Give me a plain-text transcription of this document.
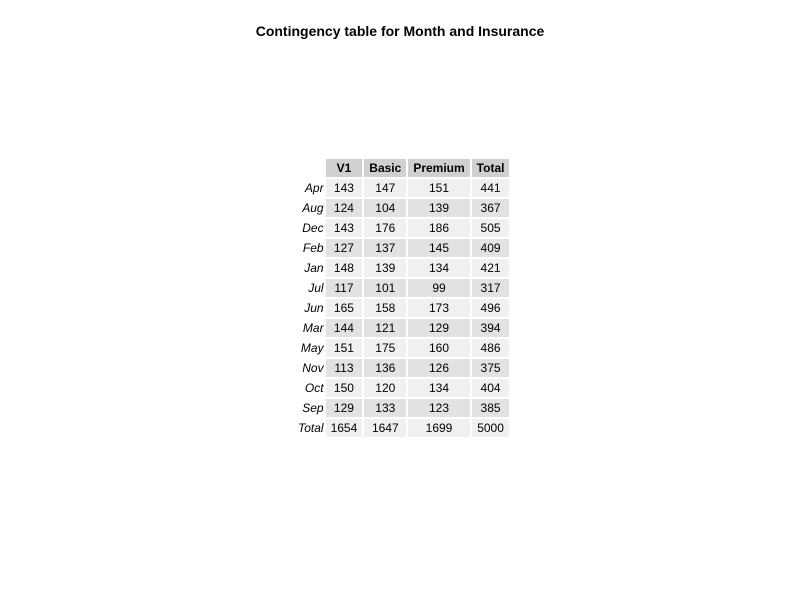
Contingency table for Month and Insurance
	V1	Basic	Premium	Total
Apr	143	147	151	441
Aug	124	104	139	367
Dec	143	176	186	505
Feb	127	137	145	409
Jan	148	139	134	421
Jul	117	101	99	317
Jun	165	158	173	496
Mar	144	121	129	394
May	151	175	160	486
Nov	113	136	126	375
Oct	150	120	134	404
Sep	129	133	123	385
Total	1654	1647	1699	5000
